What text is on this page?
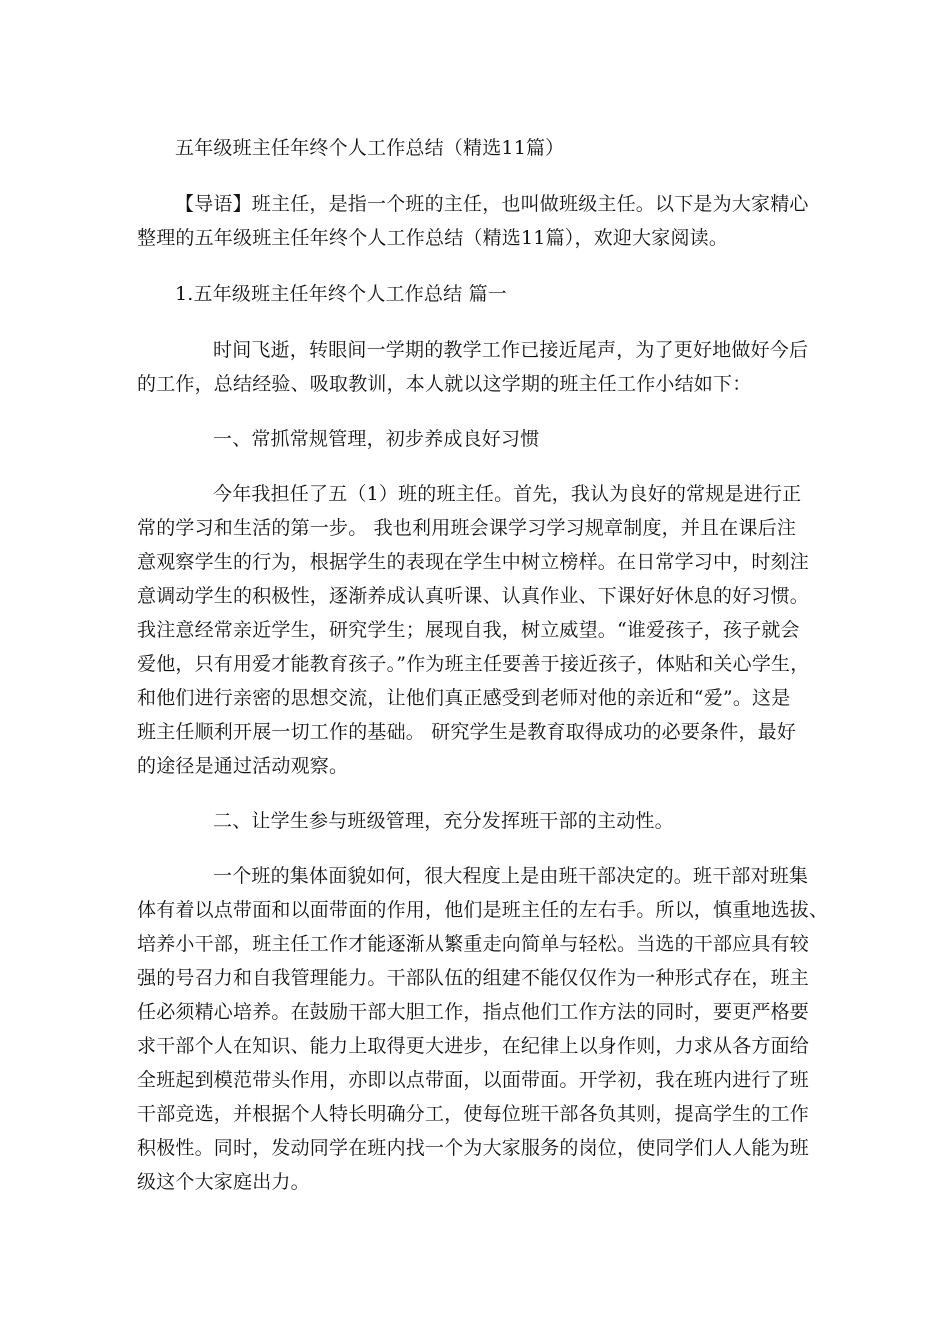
五年级班主任年终个人工作总结（精选11篇）
【导语】班主任，是指一个班的主任，也叫做班级主任。以下是为大家精心
整理的五年级班主任年终个人工作总结（精选11篇），欢迎大家阅读。
1.五年级班主任年终个人工作总结 篇一
时间飞逝，转眼间一学期的教学工作已接近尾声，为了更好地做好今后
的工作，总结经验、吸取教训，本人就以这学期的班主任工作小结如下：
一、常抓常规管理，初步养成良好习惯
今年我担任了五（1）班的班主任。首先，我认为良好的常规是进行正
常的学习和生活的第一步。 我也利用班会课学习学习规章制度，并且在课后注
意观察学生的行为，根据学生的表现在学生中树立榜样。在日常学习中，时刻注
意调动学生的积极性，逐渐养成认真听课、认真作业、下课好好休息的好习惯。
我注意经常亲近学生，研究学生；展现自我，树立威望。“谁爱孩子，孩子就会
爱他，只有用爱才能教育孩子。”作为班主任要善于接近孩子，体贴和关心学生，
和他们进行亲密的思想交流，让他们真正感受到老师对他的亲近和“爱”。这是
班主任顺利开展一切工作的基础。 研究学生是教育取得成功的必要条件，最好
的途径是通过活动观察。
二、让学生参与班级管理，充分发挥班干部的主动性。
一个班的集体面貌如何，很大程度上是由班干部决定的。班干部对班集
体有着以点带面和以面带面的作用，他们是班主任的左右手。所以，慎重地选拔、
培养小干部，班主任工作才能逐渐从繁重走向简单与轻松。当选的干部应具有较
强的号召力和自我管理能力。干部队伍的组建不能仅仅作为一种形式存在，班主
任必须精心培养。在鼓励干部大胆工作，指点他们工作方法的同时，要更严格要
求干部个人在知识、能力上取得更大进步，在纪律上以身作则，力求从各方面给
全班起到模范带头作用，亦即以点带面，以面带面。开学初，我在班内进行了班
干部竞选，并根据个人特长明确分工，使每位班干部各负其则，提高学生的工作
积极性。同时，发动同学在班内找一个为大家服务的岗位，使同学们人人能为班
级这个大家庭出力。
